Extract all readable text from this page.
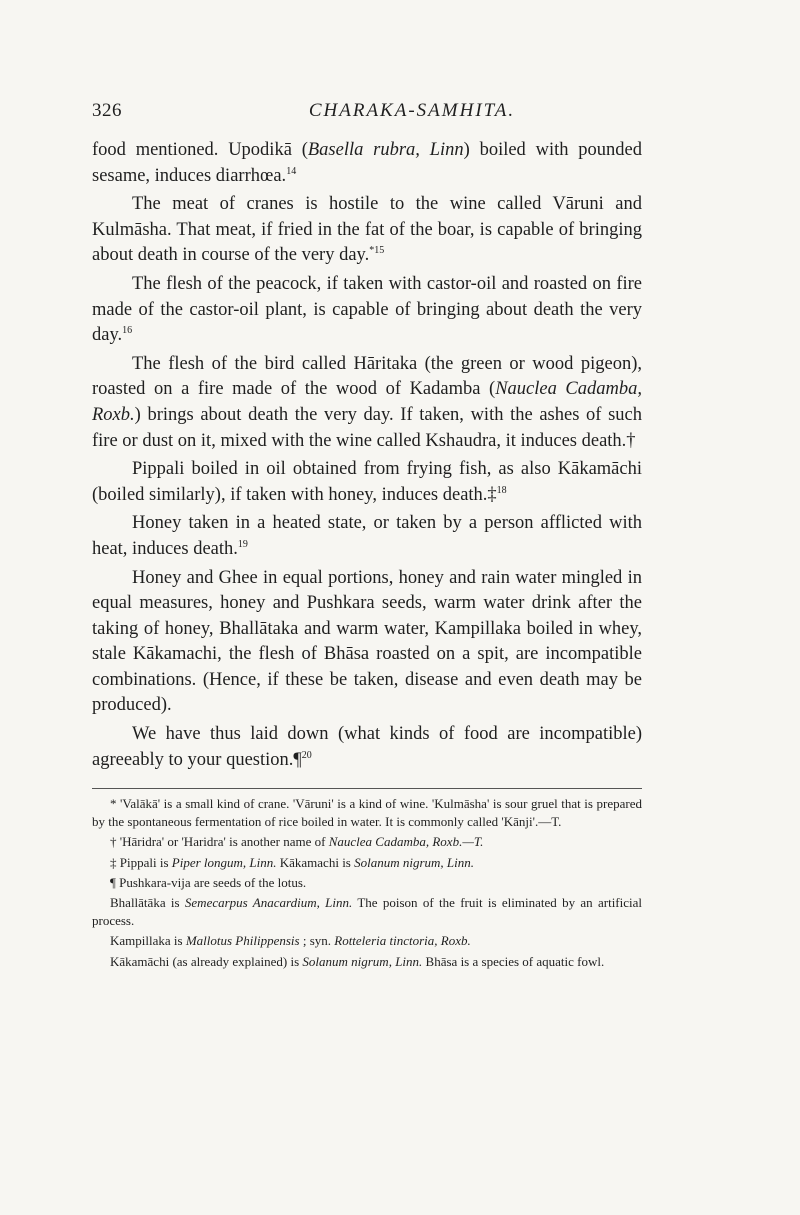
326	CHARAKA-SAMHITA.

food mentioned. Upodikā (Basella rubra, Linn) boiled with pounded sesame, induces diarrhœa.$^{14}$

The meat of cranes is hostile to the wine called Vāruni and Kulmāsha. That meat, if fried in the fat of the boar, is capable of bringing about death in course of the very day.$^{*15}$

The flesh of the peacock, if taken with castor-oil and roasted on fire made of the castor-oil plant, is capable of bringing about death the very day.$^{16}$

The flesh of the bird called Hāritaka (the green or wood pigeon), roasted on a fire made of the wood of Kadamba (Nauclea Cadamba, Roxb.) brings about death the very day. If taken, with the ashes of such fire or dust on it, mixed with the wine called Kshaudra, it induces death.†

Pippali boiled in oil obtained from frying fish, as also Kākamāchi (boiled similarly), if taken with honey, induces death.‡$^{18}$

Honey taken in a heated state, or taken by a person afflicted with heat, induces death.$^{19}$

Honey and Ghee in equal portions, honey and rain water mingled in equal measures, honey and Pushkara seeds, warm water drink after the taking of honey, Bhallātaka and warm water, Kampillaka boiled in whey, stale Kākamachi, the flesh of Bhāsa roasted on a spit, are incompatible combinations. (Hence, if these be taken, disease and even death may be produced).

We have thus laid down (what kinds of food are incompatible) agreeably to your question.¶$^{20}$

* 'Valākā' is a small kind of crane. 'Vāruni' is a kind of wine. 'Kulmāsha' is sour gruel that is prepared by the spontaneous fermentation of rice boiled in water. It is commonly called 'Kānji'.—T.

† 'Hāridra' or 'Haridra' is another name of Nauclea Cadamba, Roxb.—T.

‡ Pippali is Piper longum, Linn. Kākamachi is Solanum nigrum, Linn.

¶ Pushkara-vija are seeds of the lotus.

Bhallātāka is Semecarpus Anacardium, Linn. The poison of the fruit is eliminated by an artificial process.

Kampillaka is Mallotus Philippensis ; syn. Rotteleria tinctoria, Roxb.

Kākamāchi (as already explained) is Solanum nigrum, Linn. Bhāsa is a species of aquatic fowl.
